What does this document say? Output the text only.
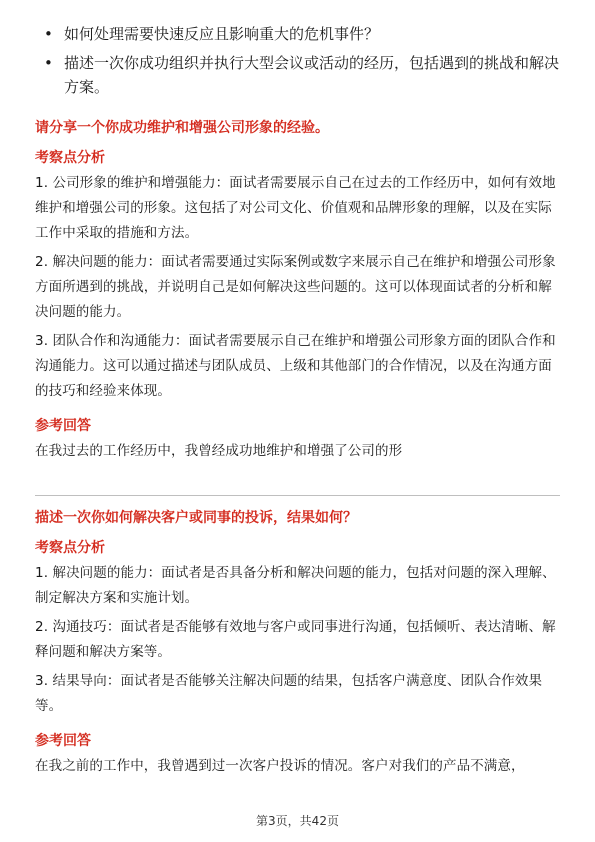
• 如何处理需要快速反应且影响重大的危机事件？
• 描述一次你成功组织并执行大型会议或活动的经历，包括遇到的挑战和解决方案。
请分享一个你成功维护和增强公司形象的经验。
考察点分析
1. 公司形象的维护和增强能力：面试者需要展示自己在过去的工作经历中，如何有效地维护和增强公司的形象。这包括了对公司文化、价值观和品牌形象的理解，以及在实际工作中采取的措施和方法。
2. 解决问题的能力：面试者需要通过实际案例或数字来展示自己在维护和增强公司形象方面所遇到的挑战，并说明自己是如何解决这些问题的。这可以体现面试者的分析和解决问题的能力。
3. 团队合作和沟通能力：面试者需要展示自己在维护和增强公司形象方面的团队合作和沟通能力。这可以通过描述与团队成员、上级和其他部门的合作情况，以及在沟通方面的技巧和经验来体现。
参考回答
在我过去的工作经历中，我曾经成功地维护和增强了公司的形
描述一次你如何解决客户或同事的投诉，结果如何？
考察点分析
1. 解决问题的能力：面试者是否具备分析和解决问题的能力，包括对问题的深入理解、制定解决方案和实施计划。
2. 沟通技巧：面试者是否能够有效地与客户或同事进行沟通，包括倾听、表达清晰、解释问题和解决方案等。
3. 结果导向：面试者是否能够关注解决问题的结果，包括客户满意度、团队合作效果等。
参考回答
在我之前的工作中，我曾遇到过一次客户投诉的情况。客户对我们的产品不满意，
第3页，共42页
